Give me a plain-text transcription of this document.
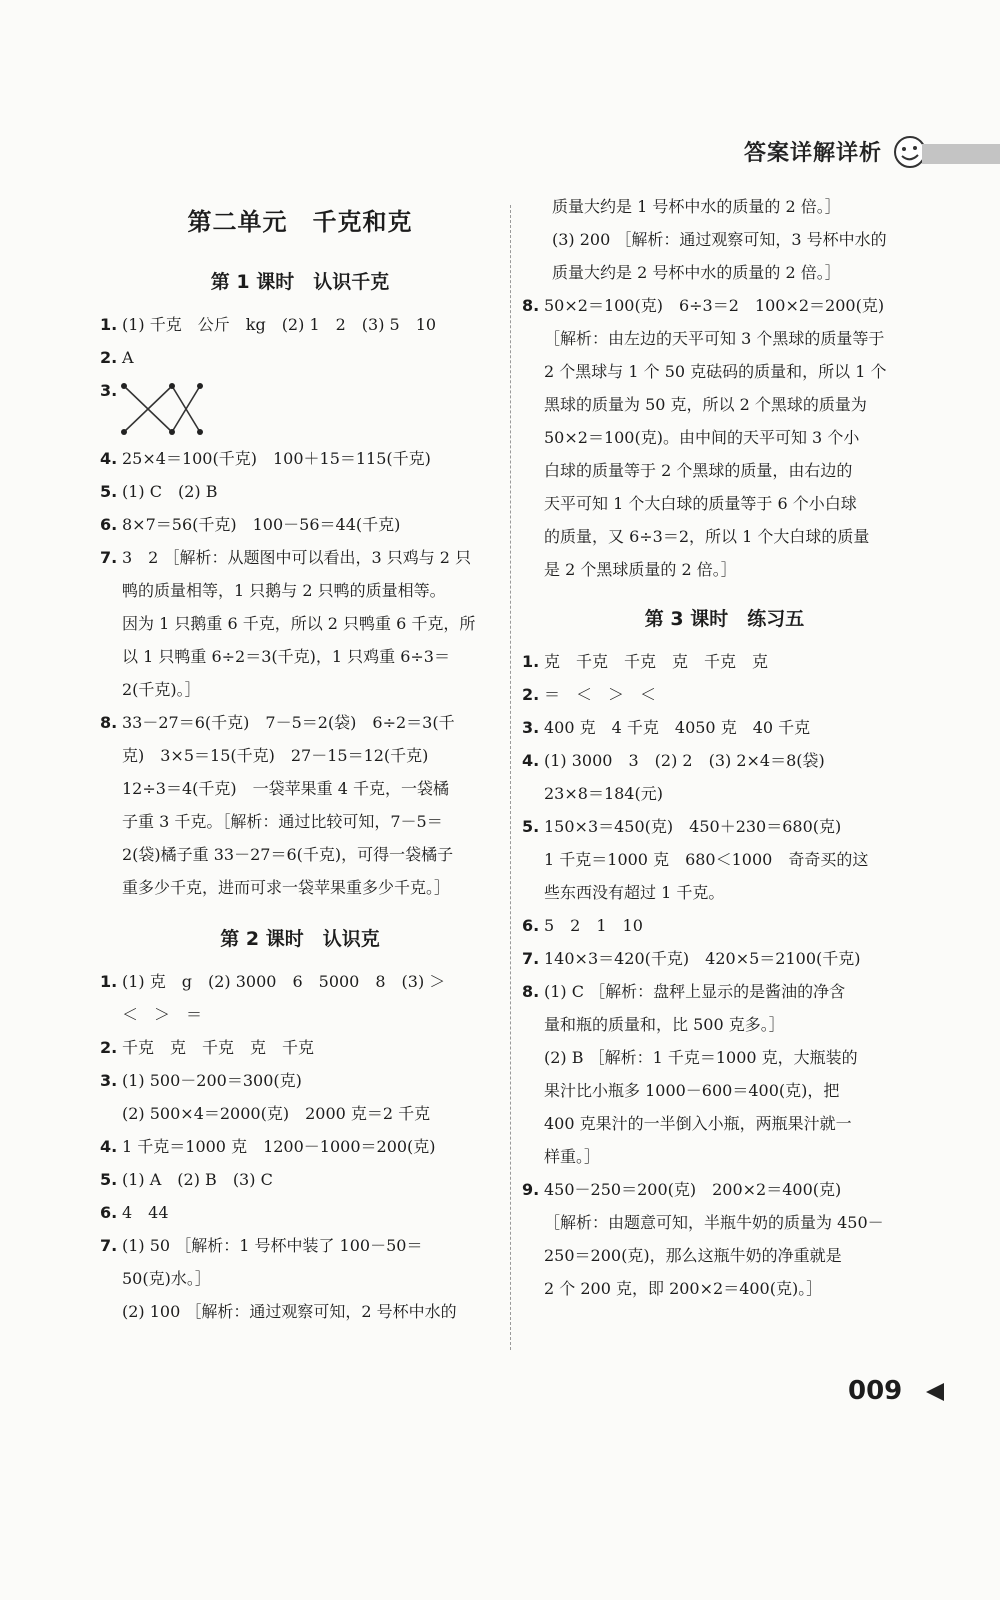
答案详解详析
第二单元　千克和克
第 1 课时　认识千克
1. (1) 千克　公斤　kg　(2) 1　2　(3) 5　10
2. A
3.
4. 25×4＝100(千克)　100＋15＝115(千克)
5. (1) C　(2) B
6. 8×7＝56(千克)　100－56＝44(千克)
7. 3　2 ［解析：从题图中可以看出，3 只鸡与 2 只
鸭的质量相等，1 只鹅与 2 只鸭的质量相等。
因为 1 只鹅重 6 千克，所以 2 只鸭重 6 千克，所
以 1 只鸭重 6÷2＝3(千克)，1 只鸡重 6÷3＝
2(千克)。］
8. 33－27＝6(千克)　7－5＝2(袋)　6÷2＝3(千
克)　3×5＝15(千克)　27－15＝12(千克)
12÷3＝4(千克)　一袋苹果重 4 千克，一袋橘
子重 3 千克。［解析：通过比较可知，7－5＝
2(袋)橘子重 33－27＝6(千克)，可得一袋橘子
重多少千克，进而可求一袋苹果重多少千克。］
第 2 课时　认识克
1. (1) 克　g　(2) 3000　6　5000　8　(3) ＞
＜　＞　＝
2. 千克　克　千克　克　千克
3. (1) 500－200＝300(克)
(2) 500×4＝2000(克)　2000 克＝2 千克
4. 1 千克＝1000 克　1200－1000＝200(克)
5. (1) A　(2) B　(3) C
6. 4　44
7. (1) 50 ［解析：1 号杯中装了 100－50＝
50(克)水。］
(2) 100 ［解析：通过观察可知，2 号杯中水的
质量大约是 1 号杯中水的质量的 2 倍。］
(3) 200 ［解析：通过观察可知，3 号杯中水的
质量大约是 2 号杯中水的质量的 2 倍。］
8. 50×2＝100(克)　6÷3＝2　100×2＝200(克)
［解析：由左边的天平可知 3 个黑球的质量等于
2 个黑球与 1 个 50 克砝码的质量和，所以 1 个
黑球的质量为 50 克，所以 2 个黑球的质量为
50×2＝100(克)。由中间的天平可知 3 个小
白球的质量等于 2 个黑球的质量，由右边的
天平可知 1 个大白球的质量等于 6 个小白球
的质量，又 6÷3＝2，所以 1 个大白球的质量
是 2 个黑球质量的 2 倍。］
第 3 课时　练习五
1. 克　千克　千克　克　千克　克
2. ＝　＜　＞　＜
3. 400 克　4 千克　4050 克　40 千克
4. (1) 3000　3　(2) 2　(3) 2×4＝8(袋)
23×8＝184(元)
5. 150×3＝450(克)　450＋230＝680(克)
1 千克＝1000 克　680＜1000　奇奇买的这
些东西没有超过 1 千克。
6. 5　2　1　10
7. 140×3＝420(千克)　420×5＝2100(千克)
8. (1) C ［解析：盘秤上显示的是酱油的净含
量和瓶的质量和，比 500 克多。］
(2) B ［解析：1 千克＝1000 克，大瓶装的
果汁比小瓶多 1000－600＝400(克)，把
400 克果汁的一半倒入小瓶，两瓶果汁就一
样重。］
9. 450－250＝200(克)　200×2＝400(克)
［解析：由题意可知，半瓶牛奶的质量为 450－
250＝200(克)，那么这瓶牛奶的净重就是
2 个 200 克，即 200×2＝400(克)。］
009
